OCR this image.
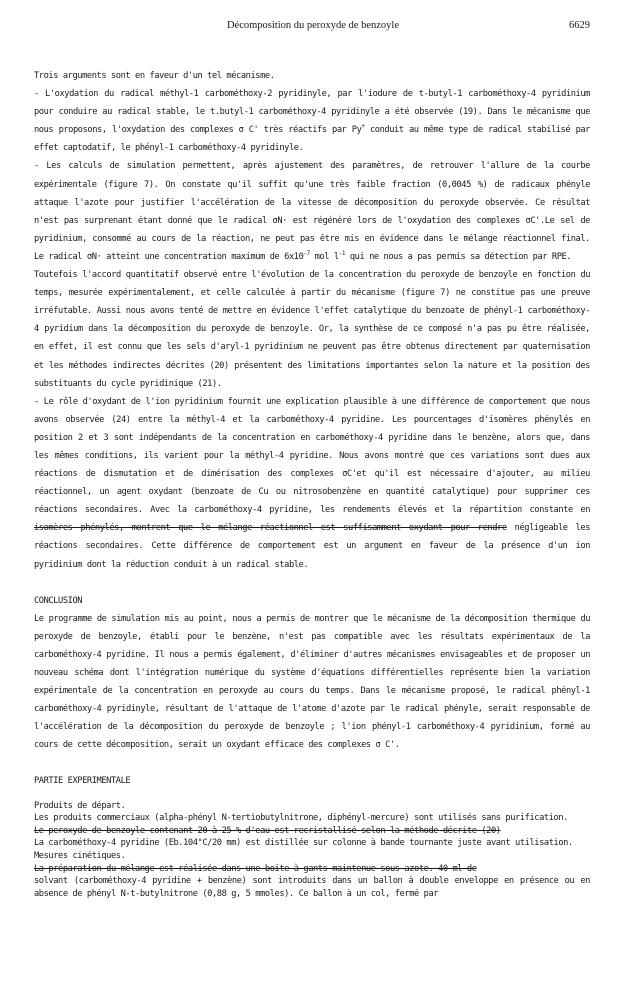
Décomposition du peroxyde de benzoyle	6629

Trois arguments sont en faveur d'un tel mécanisme.

- L'oxydation du radical méthyl-1 carbométhoxy-2 pyridinyle, par l'iodure de t-butyl-1 carbométhoxy-4 pyridinium pour conduire au radical stable, le t.butyl-1 carbométhoxy-4 pyridinyle a été observée (19). Dans le mécanisme que nous proposons, l'oxydation des complexes σ C' très réactifs par Py+ conduit au même type de radical stabilisé par effet captodatif, le phényl-1 carbométhoxy-4 pyridinyle.

- Les calculs de simulation permettent, après ajustement des paramètres, de retrouver l'allure de la courbe expérimentale (figure 7). On constate qu'il suffit qu'une très faible fraction (0,0045 %) de radicaux phényle attaque l'azote pour justifier l'accélération de la vitesse de décomposition du peroxyde observée. Ce résultat n'est pas surprenant étant donné que le radical σN· est régénéré lors de l'oxydation des complexes σC'.Le sel de pyridinium, consommé au cours de la réaction, ne peut pas être mis en évidence dans le mélange réactionnel final. Le radical σN· atteint une concentration maximum de $6x10^{-7}$ mol $l^{-1}$ qui ne nous a pas permis sa détection par RPE.

Toutefois l'accord quantitatif observé entre l'évolution de la concentration du peroxyde de benzoyle en fonction du temps, mesurée expérimentalement, et celle calculée à partir du mécanisme (figure 7) ne constitue pas une preuve irréfutable. Aussi nous avons tenté de mettre en évidence l'effet catalytique du benzoate de phényl-1 carbométhoxy-4 pyridium dans la décomposition du peroxyde de benzoyle. Or, la synthèse de ce composé n'a pas pu être réalisée, en effet, il est connu que les sels d'aryl-1 pyridinium ne peuvent pas être obtenus directement par quaternisation et les méthodes indirectes décrites (20) présentent des limitations importantes selon la nature et la position des substituants du cycle pyridinique (21).

- Le rôle d'oxydant de l'ion pyridinium fournit une explication plausible à une différence de comportement que nous avons observée (24) entre la méthyl-4 et la carbométhoxy-4 pyridine. Les pourcentages d'isomères phénylés en position 2 et 3 sont indépendants de la concentration en carbométhoxy-4 pyridine dans le benzène, alors que, dans les mêmes conditions, ils varient pour la méthyl-4 pyridine. Nous avons montré que ces variations sont dues aux réactions de dismutation et de dimérisation des complexes σC'et qu'il est nécessaire d'ajouter, au milieu réactionnel, un agent oxydant (benzoate de Cu ou nitrosobenzène en quantité catalytique) pour supprimer ces réactions secondaires. Avec la carbométhoxy-4 pyridine, les rendements élevés et la répartition constante en isomères phénylés, montrent que le mélange réactionnel est suffisamment oxydant pour rendre négligeable les réactions secondaires. Cette différence de comportement est un argument en faveur de la présence d'un ion pyridinium dont la réduction conduit à un radical stable.

CONCLUSION

Le programme de simulation mis au point, nous a permis de montrer que le mécanisme de la décomposition thermique du peroxyde de benzoyle, établi pour le benzène, n'est pas compatible avec les résultats expérimentaux de la carbométhoxy-4 pyridine. Il nous a permis également, d'éliminer d'autres mécanismes envisageables et de proposer un nouveau schéma dont l'intégration numérique du système d'équations différentielles représente bien la variation expérimentale de la concentration en peroxyde au cours du temps. Dans le mécanisme proposé, le radical phényl-1 carbométhoxy-4 pyridinyle, résultant de l'attaque de l'atome d'azote par le radical phényle, serait responsable de l'accélération de la décomposition du peroxyde de benzoyle ; l'ion phényl-1 carbométhoxy-4 pyridinium, formé au cours de cette décomposition, serait un oxydant efficace des complexes σ C'.

PARTIE EXPERIMENTALE

Produits de départ.

Les produits commerciaux (alpha-phényl N-tertiobutylnitrone, diphényl-mercure) sont utilisés sans purification.

Le peroxyde de benzoyle contenant 20 à 25 % d'eau est recristallisé selon la méthode décrite (20)

La carbométhoxy-4 pyridine (Eb.104°C/20 mm) est distillée sur colonne à bande tournante juste avant utilisation.

Mesures cinétiques.

La préparation du mélange est réalisée dans une boite à gants maintenue sous azote. 40 ml de

solvant (carbométhoxy-4 pyridine + benzène) sont introduits dans un ballon à double enveloppe en présence ou en absence de phényl N-t-butylnitrone (0,88 g, 5 mmoles). Ce ballon à un col, fermé par
